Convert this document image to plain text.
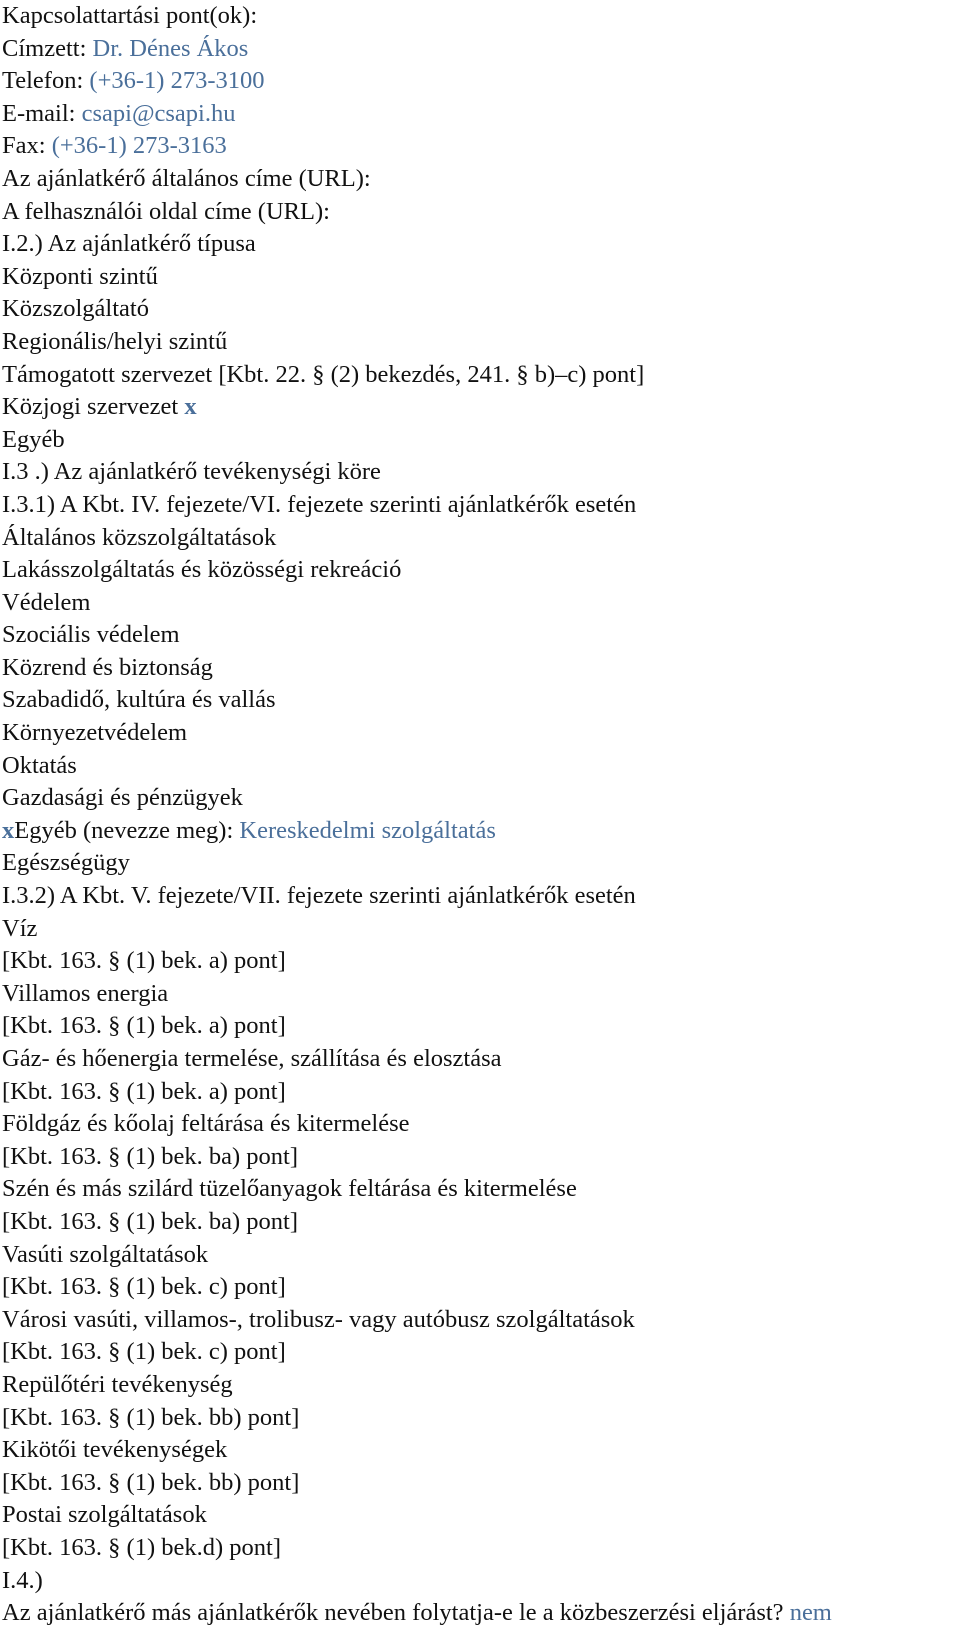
Kapcsolattartási pont(ok):
Címzett: Dr. Dénes Ákos
Telefon: (+36-1) 273-3100
E-mail: csapi@csapi.hu
Fax: (+36-1) 273-3163
Az ajánlatkérő általános címe (URL):
A felhasználói oldal címe (URL):
I.2.) Az ajánlatkérő típusa
Központi szintű
Közszolgáltató
Regionális/helyi szintű
Támogatott szervezet [Kbt. 22. § (2) bekezdés, 241. § b)–c) pont]
Közjogi szervezet x
Egyéb
I.3 .) Az ajánlatkérő tevékenységi köre
I.3.1) A Kbt. IV. fejezete/VI. fejezete szerinti ajánlatkérők esetén
Általános közszolgáltatások
Lakásszolgáltatás és közösségi rekreáció
Védelem
Szociális védelem
Közrend és biztonság
Szabadidő, kultúra és vallás
Környezetvédelem
Oktatás
Gazdasági és pénzügyek
xEgyéb (nevezze meg): Kereskedelmi szolgáltatás
Egészségügy
I.3.2) A Kbt. V. fejezete/VII. fejezete szerinti ajánlatkérők esetén
Víz
[Kbt. 163. § (1) bek. a) pont]
Villamos energia
[Kbt. 163. § (1) bek. a) pont]
Gáz- és hőenergia termelése, szállítása és elosztása
[Kbt. 163. § (1) bek. a) pont]
Földgáz és kőolaj feltárása és kitermelése
[Kbt. 163. § (1) bek. ba) pont]
Szén és más szilárd tüzelőanyagok feltárása és kitermelése
[Kbt. 163. § (1) bek. ba) pont]
Vasúti szolgáltatások
[Kbt. 163. § (1) bek. c) pont]
Városi vasúti, villamos-, trolibusz- vagy autóbusz szolgáltatások
[Kbt. 163. § (1) bek. c) pont]
Repülőtéri tevékenység
[Kbt. 163. § (1) bek. bb) pont]
Kikötői tevékenységek
[Kbt. 163. § (1) bek. bb) pont]
Postai szolgáltatások
[Kbt. 163. § (1) bek.d) pont]
I.4.)
Az ajánlatkérő más ajánlatkérők nevében folytatja-e le a közbeszerzési eljárást? nem
